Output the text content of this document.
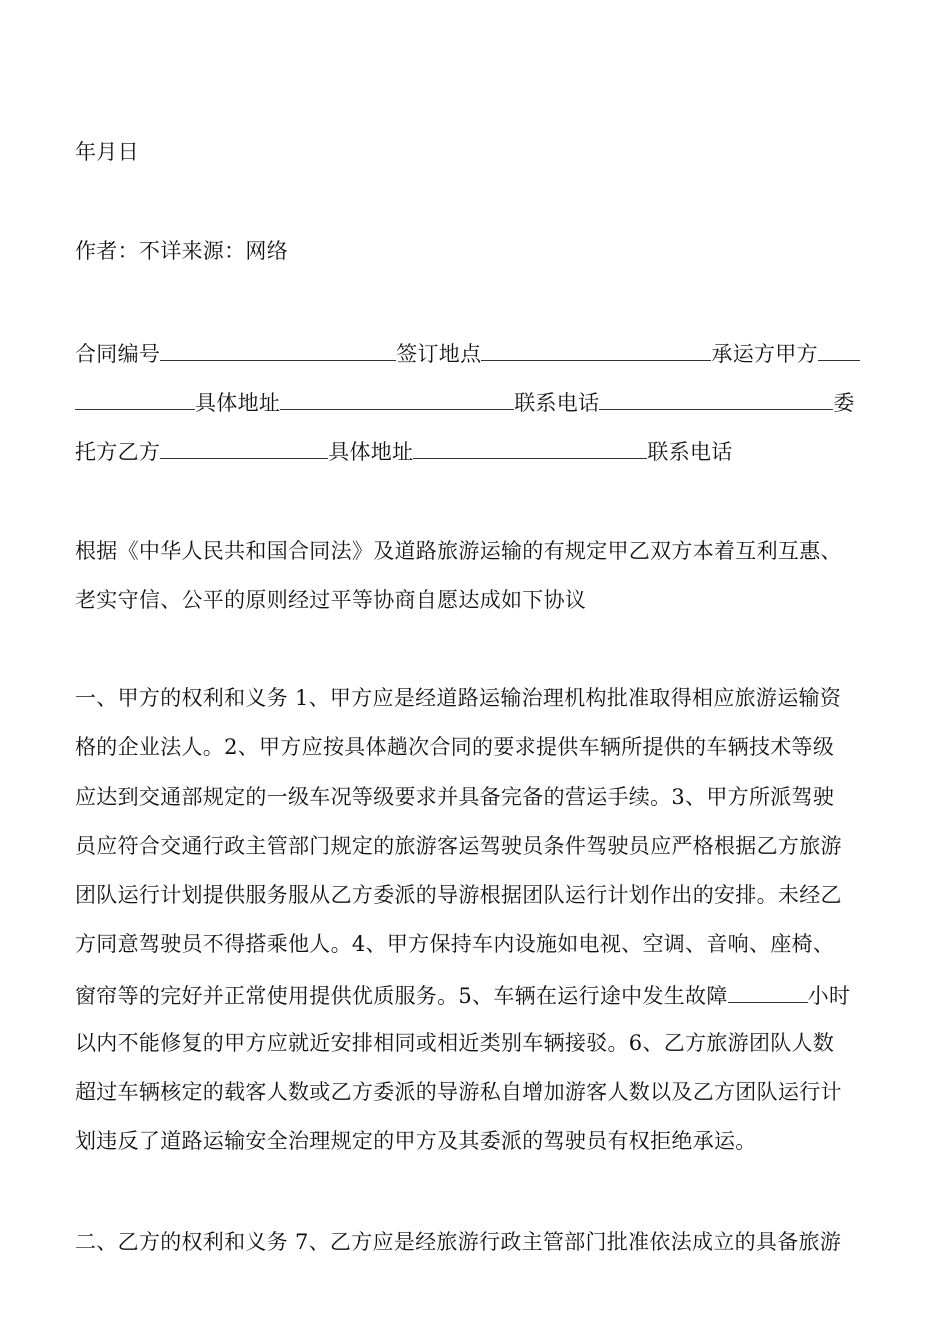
年月日
作者：不详来源：网络
合同编号	签订地点	承运方甲方
具体地址	联系电话	委
托方乙方	具体地址	联系电话
根据《中华人民共和国合同法》及道路旅游运输的有规定甲乙双方本着互利互惠、
老实守信、公平的原则经过平等协商自愿达成如下协议
一、甲方的权利和义务 1、甲方应是经道路运输治理机构批准取得相应旅游运输资
格的企业法人。2、甲方应按具体趟次合同的要求提供车辆所提供的车辆技术等级
应达到交通部规定的一级车况等级要求并具备完备的营运手续。3、甲方所派驾驶
员应符合交通行政主管部门规定的旅游客运驾驶员条件驾驶员应严格根据乙方旅游
团队运行计划提供服务服从乙方委派的导游根据团队运行计划作出的安排。未经乙
方同意驾驶员不得搭乘他人。4、甲方保持车内设施如电视、空调、音响、座椅、
窗帘等的完好并正常使用提供优质服务。5、车辆在运行途中发生故障	小时
以内不能修复的甲方应就近安排相同或相近类别车辆接驳。6、乙方旅游团队人数
超过车辆核定的载客人数或乙方委派的导游私自增加游客人数以及乙方团队运行计
划违反了道路运输安全治理规定的甲方及其委派的驾驶员有权拒绝承运。
二、乙方的权利和义务 7、乙方应是经旅游行政主管部门批准依法成立的具备旅游
